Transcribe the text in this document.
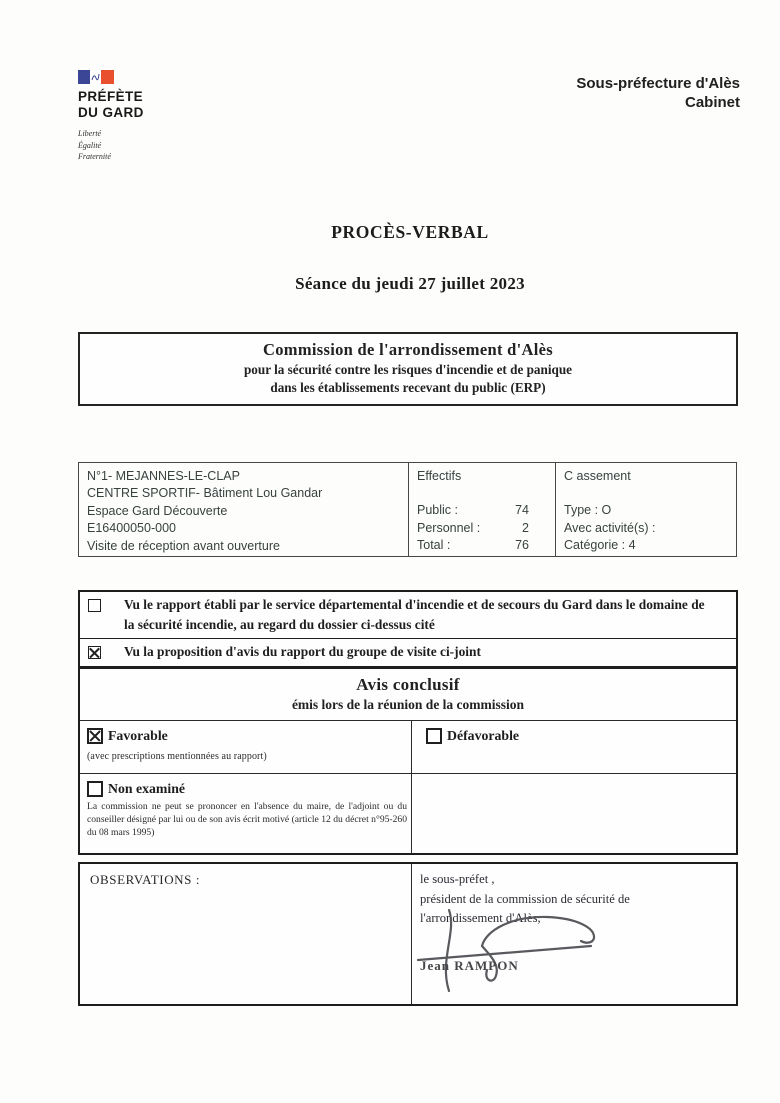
PRÉFÈTE
DU GARD
Liberté
Égalité
Fraternité
Sous-préfecture d'Alès
Cabinet
PROCÈS-VERBAL
Séance du jeudi 27 juillet 2023
Commission de l'arrondissement d'Alès
pour la sécurité contre les risques d'incendie et de panique
dans les établissements recevant du public (ERP)
N°1- MEJANNES-LE-CLAP
CENTRE SPORTIF- Bâtiment Lou Gandar
Espace Gard Découverte
E16400050-000
Visite de réception avant ouverture
Effectifs
Public :	74
Personnel :	2
Total :	76
C assement
Type : O
Avec activité(s) :
Catégorie : 4
Vu le rapport établi par le service départemental d'incendie et de secours du Gard dans le domaine de la sécurité incendie, au regard du dossier ci-dessus cité
Vu la proposition d'avis du rapport du groupe de visite ci-joint
Avis conclusif
émis lors de la réunion de la commission
Favorable
(avec prescriptions mentionnées au rapport)
Défavorable
Non examiné
La commission ne peut se prononcer en l'absence du maire, de l'adjoint ou du conseiller désigné par lui ou de son avis écrit motivé (article 12 du décret n°95-260 du 08 mars 1995)
OBSERVATIONS :	le sous-préfet ,
président de la commission de sécurité de
l'arrondissement d'Alès,
Jean RAMPON
